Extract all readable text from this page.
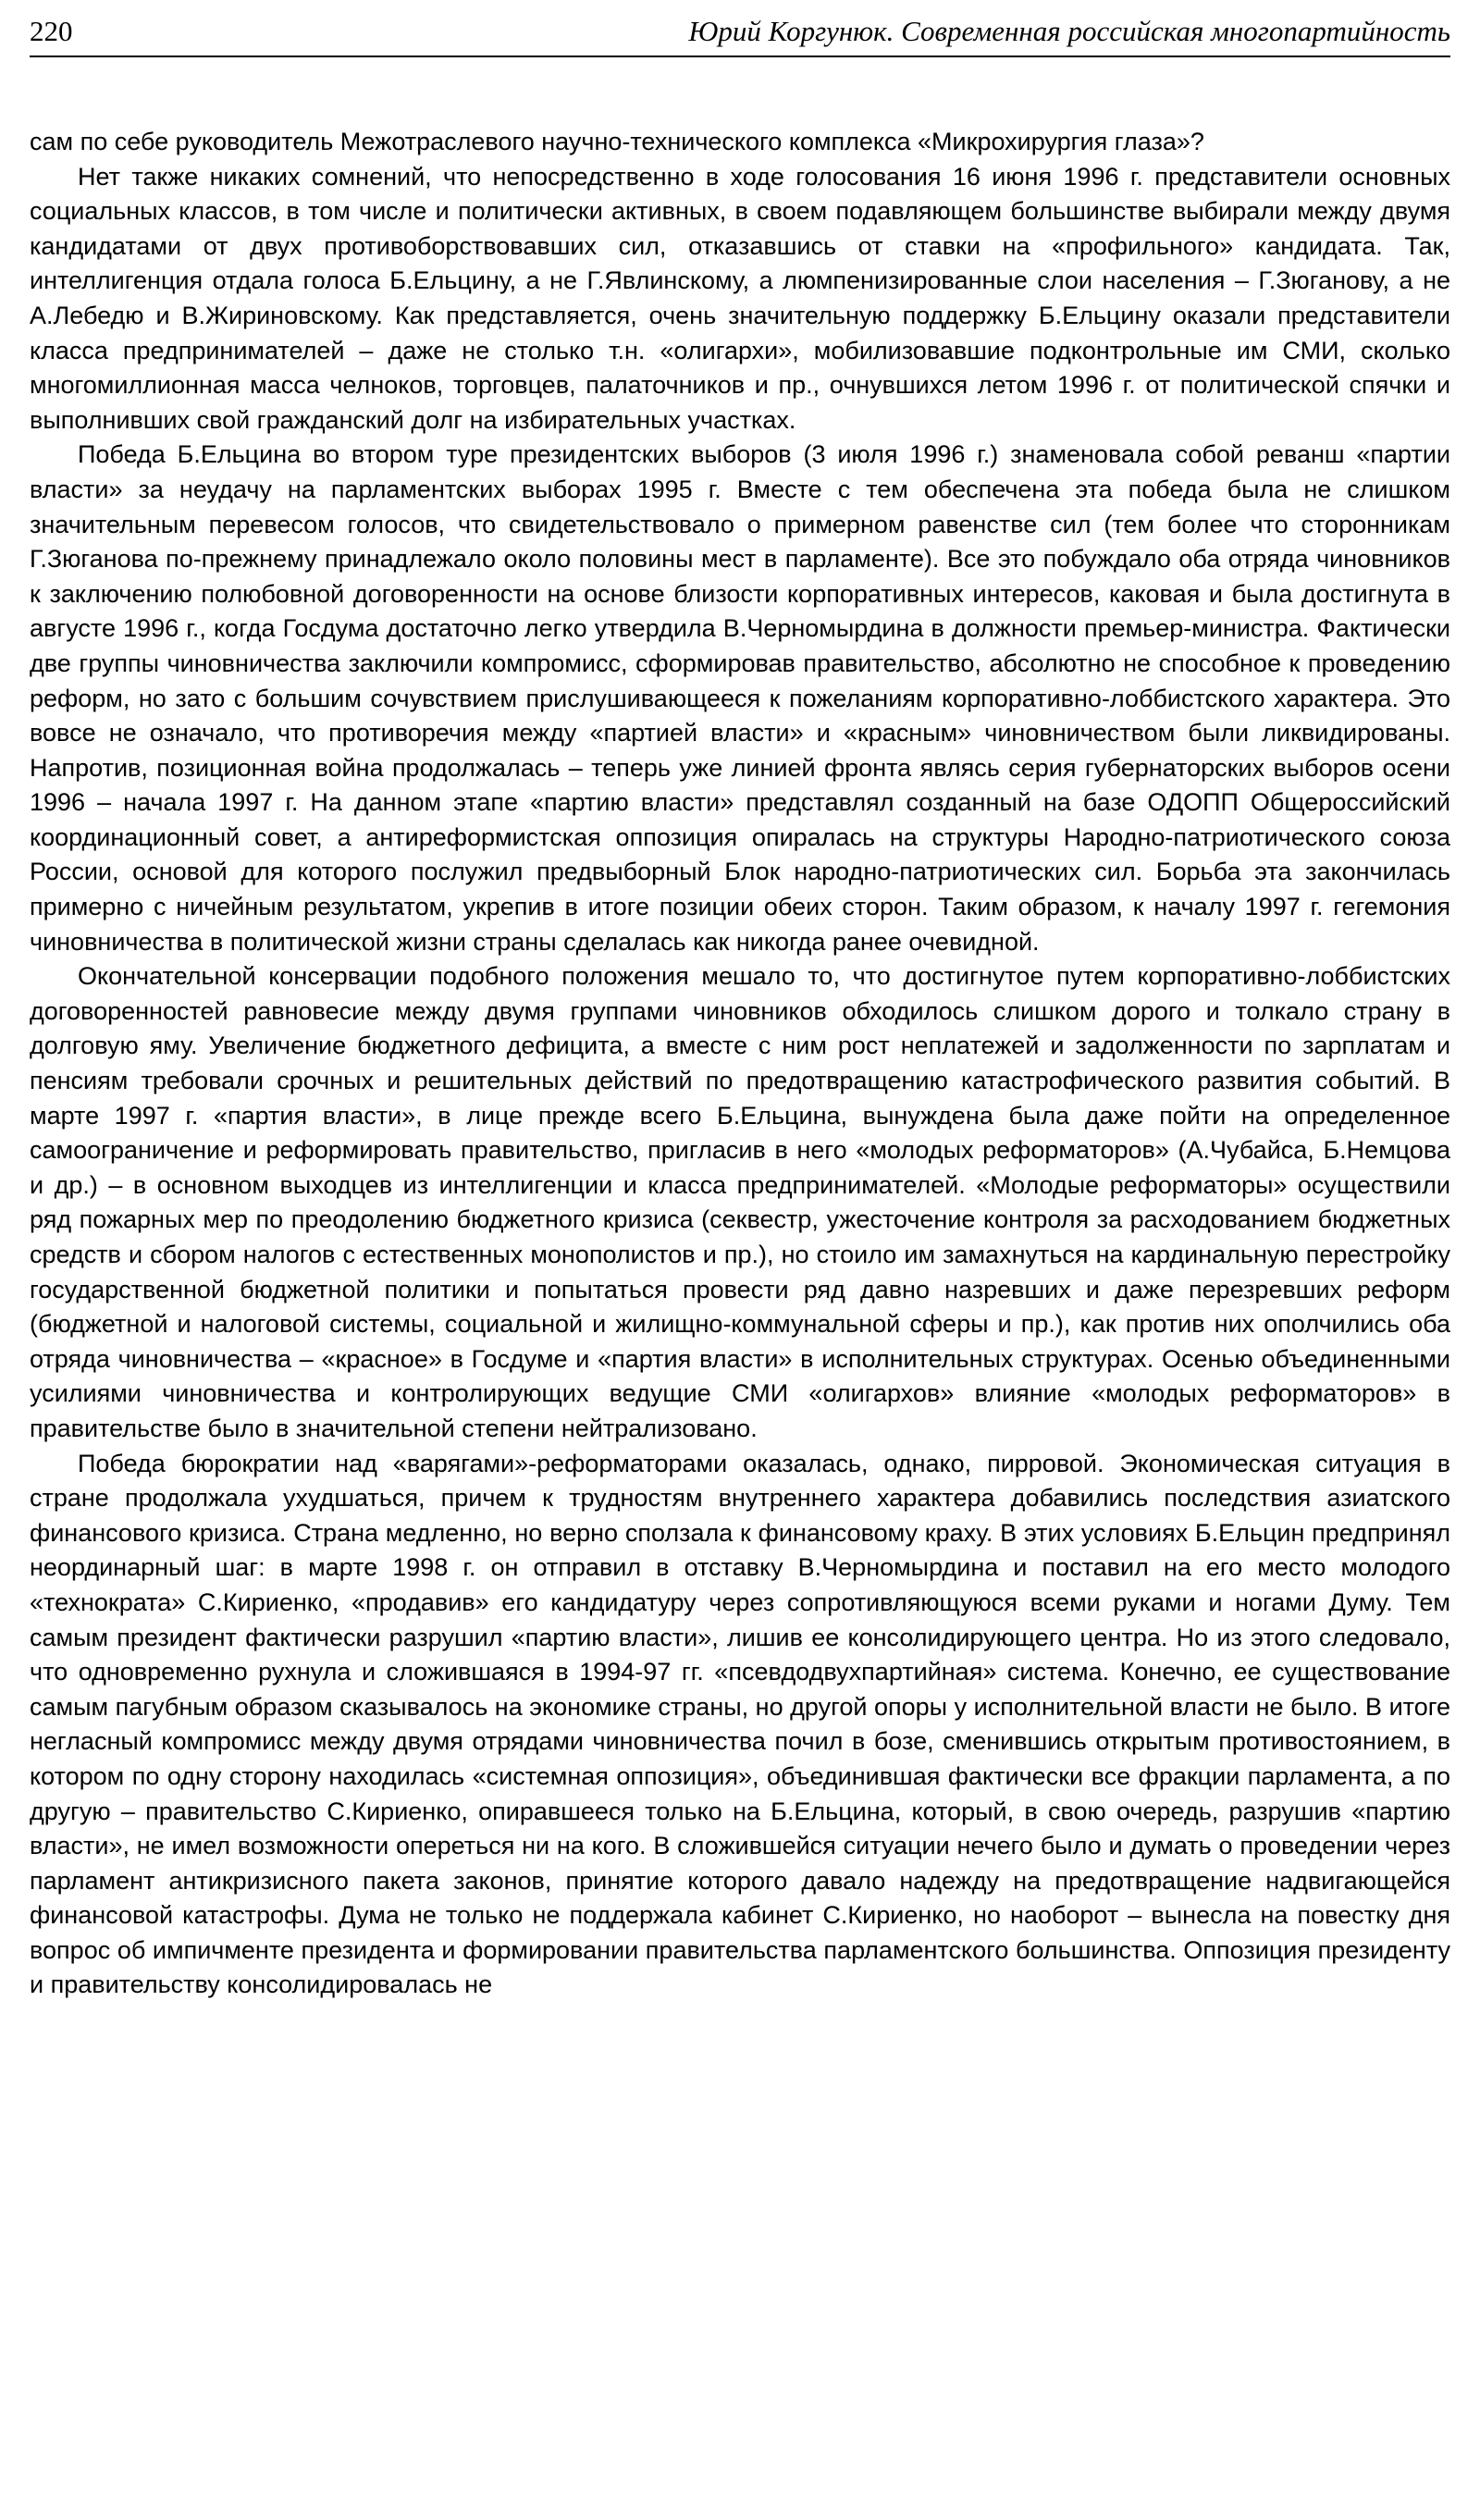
220	Юрий Коргунюк. Современная российская многопартийность

сам по себе руководитель Межотраслевого научно-технического комплекса «Микрохирургия глаза»?

Нет также никаких сомнений, что непосредственно в ходе голосования 16 июня 1996 г. представители основных социальных классов, в том числе и политически активных, в своем подавляющем большинстве выбирали между двумя кандидатами от двух противоборствовавших сил, отказавшись от ставки на «профильного» кандидата. Так, интеллигенция отдала голоса Б.Ельцину, а не Г.Явлинскому, а люмпенизированные слои населения – Г.Зюганову, а не А.Лебедю и В.Жириновскому. Как представляется, очень значительную поддержку Б.Ельцину оказали представители класса предпринимателей – даже не столько т.н. «олигархи», мобилизовавшие подконтрольные им СМИ, сколько многомиллионная масса челноков, торговцев, палаточников и пр., очнувшихся летом 1996 г. от политической спячки и выполнивших свой гражданский долг на избирательных участках.

Победа Б.Ельцина во втором туре президентских выборов (3 июля 1996 г.) знаменовала собой реванш «партии власти» за неудачу на парламентских выборах 1995 г. Вместе с тем обеспечена эта победа была не слишком значительным перевесом голосов, что свидетельствовало о примерном равенстве сил (тем более что сторонникам Г.Зюганова по-прежнему принадлежало около половины мест в парламенте). Все это побуждало оба отряда чиновников к заключению полюбовной договоренности на основе близости корпоративных интересов, каковая и была достигнута в августе 1996 г., когда Госдума достаточно легко утвердила В.Черномырдина в должности премьер-министра. Фактически две группы чиновничества заключили компромисс, сформировав правительство, абсолютно не способное к проведению реформ, но зато с большим сочувствием прислушивающееся к пожеланиям корпоративно-лоббистского характера. Это вовсе не означало, что противоречия между «партией власти» и «красным» чиновничеством были ликвидированы. Напротив, позиционная война продолжалась – теперь уже линией фронта являсь серия губернаторских выборов осени 1996 – начала 1997 г. На данном этапе «партию власти» представлял созданный на базе ОДОПП Общероссийский координационный совет, а антиреформистская оппозиция опиралась на структуры Народно-патриотического союза России, основой для которого послужил предвыборный Блок народно-патриотических сил. Борьба эта закончилась примерно с ничейным результатом, укрепив в итоге позиции обеих сторон. Таким образом, к началу 1997 г. гегемония чиновничества в политической жизни страны сделалась как никогда ранее очевидной.

Окончательной консервации подобного положения мешало то, что достигнутое путем корпоративно-лоббистских договоренностей равновесие между двумя группами чиновников обходилось слишком дорого и толкало страну в долговую яму. Увеличение бюджетного дефицита, а вместе с ним рост неплатежей и задолженности по зарплатам и пенсиям требовали срочных и решительных действий по предотвращению катастрофического развития событий. В марте 1997 г. «партия власти», в лице прежде всего Б.Ельцина, вынуждена была даже пойти на определенное самоограничение и реформировать правительство, пригласив в него «молодых реформаторов» (А.Чубайса, Б.Немцова и др.) – в основном выходцев из интеллигенции и класса предпринимателей. «Молодые реформаторы» осуществили ряд пожарных мер по преодолению бюджетного кризиса (секвестр, ужесточение контроля за расходованием бюджетных средств и сбором налогов с естественных монополистов и пр.), но стоило им замахнуться на кардинальную перестройку государственной бюджетной политики и попытаться провести ряд давно назревших и даже перезревших реформ (бюджетной и налоговой системы, социальной и жилищно-коммунальной сферы и пр.), как против них ополчились оба отряда чиновничества – «красное» в Госдуме и «партия власти» в исполнительных структурах. Осенью объединенными усилиями чиновничества и контролирующих ведущие СМИ «олигархов» влияние «молодых реформаторов» в правительстве было в значительной степени нейтрализовано.

Победа бюрократии над «варягами»-реформаторами оказалась, однако, пирровой. Экономическая ситуация в стране продолжала ухудшаться, причем к трудностям внутреннего характера добавились последствия азиатского финансового кризиса. Страна медленно, но верно сползала к финансовому краху. В этих условиях Б.Ельцин предпринял неординарный шаг: в марте 1998 г. он отправил в отставку В.Черномырдина и поставил на его место молодого «технократа» С.Кириенко, «продавив» его кандидатуру через сопротивляющуюся всеми руками и ногами Думу. Тем самым президент фактически разрушил «партию власти», лишив ее консолидирующего центра. Но из этого следовало, что одновременно рухнула и сложившаяся в 1994-97 гг. «псевдодвухпартийная» система. Конечно, ее существование самым пагубным образом сказывалось на экономике страны, но другой опоры у исполнительной власти не было. В итоге негласный компромисс между двумя отрядами чиновничества почил в бозе, сменившись открытым противостоянием, в котором по одну сторону находилась «системная оппозиция», объединившая фактически все фракции парламента, а по другую – правительство С.Кириенко, опиравшееся только на Б.Ельцина, который, в свою очередь, разрушив «партию власти», не имел возможности опереться ни на кого. В сложившейся ситуации нечего было и думать о проведении через парламент антикризисного пакета законов, принятие которого давало надежду на предотвращение надвигающейся финансовой катастрофы. Дума не только не поддержала кабинет С.Кириенко, но наоборот – вынесла на повестку дня вопрос об импичменте президента и формировании правительства парламентского большинства. Оппозиция президенту и правительству консолидировалась не
